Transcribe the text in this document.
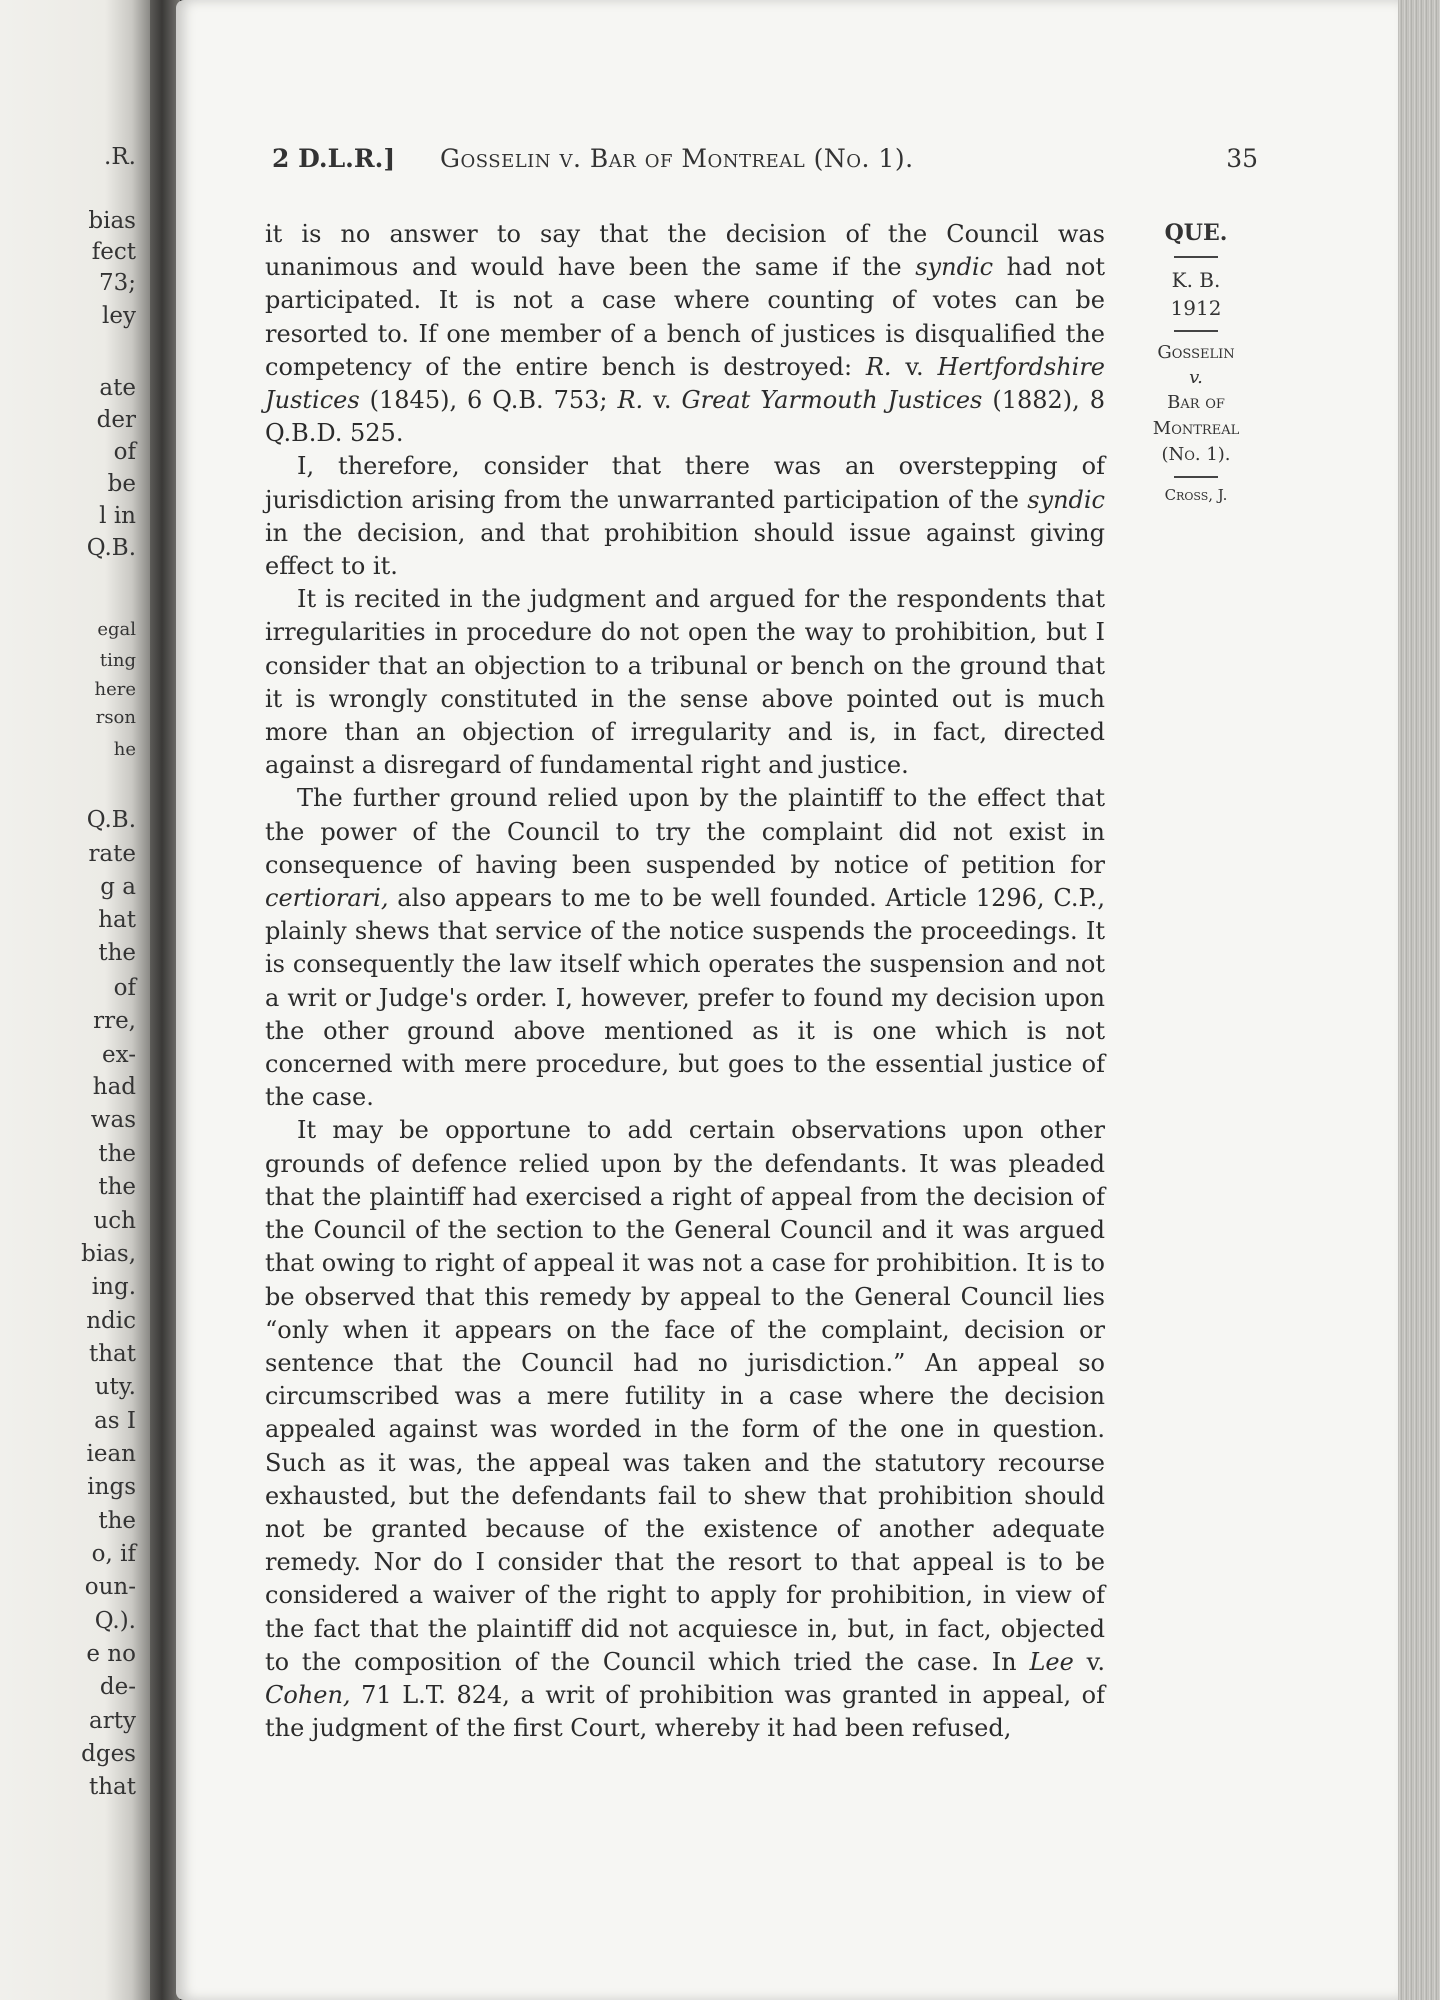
.R.
bias
fect
73;
ley
ate
der
of
be
l in
Q.B.
egal
ting
here
rson
he
Q.B.
rate
g a
hat
the
of
rre,
ex-
had
was
the
the
uch
bias,
ing.
ndic
that
uty.
as I
iean
ings
the
o, if
oun-
Q.).
e no
de-
arty
dges
that
2 D.L.R.] Gosselin v. Bar of Montreal (No. 1).	35
QUE.
K. B.
1912
Gosselin
v.
Bar of
Montreal
(No. 1).
Cross, J.

it is no answer to say that the decision of the Council was unanimous and would have been the same if the syndic had not participated. It is not a case where counting of votes can be resorted to. If one member of a bench of justices is disqualified the competency of the entire bench is destroyed: R. v. Hertfordshire Justices (1845), 6 Q.B. 753; R. v. Great Yarmouth Justices (1882), 8 Q.B.D. 525.

I, therefore, consider that there was an overstepping of jurisdiction arising from the unwarranted participation of the syndic in the decision, and that prohibition should issue against giving effect to it.

It is recited in the judgment and argued for the respondents that irregularities in procedure do not open the way to prohibition, but I consider that an objection to a tribunal or bench on the ground that it is wrongly constituted in the sense above pointed out is much more than an objection of irregularity and is, in fact, directed against a disregard of fundamental right and justice.

The further ground relied upon by the plaintiff to the effect that the power of the Council to try the complaint did not exist in consequence of having been suspended by notice of petition for certiorari, also appears to me to be well founded. Article 1296, C.P., plainly shews that service of the notice suspends the proceedings. It is consequently the law itself which operates the suspension and not a writ or Judge's order. I, however, prefer to found my decision upon the other ground above mentioned as it is one which is not concerned with mere procedure, but goes to the essential justice of the case.

It may be opportune to add certain observations upon other grounds of defence relied upon by the defendants. It was pleaded that the plaintiff had exercised a right of appeal from the decision of the Council of the section to the General Council and it was argued that owing to right of appeal it was not a case for prohibition. It is to be observed that this remedy by appeal to the General Council lies “only when it appears on the face of the complaint, decision or sentence that the Council had no jurisdiction.” An appeal so circumscribed was a mere futility in a case where the decision appealed against was worded in the form of the one in question. Such as it was, the appeal was taken and the statutory recourse exhausted, but the defendants fail to shew that prohibition should not be granted because of the existence of another adequate remedy. Nor do I consider that the resort to that appeal is to be considered a waiver of the right to apply for prohibition, in view of the fact that the plaintiff did not acquiesce in, but, in fact, objected to the composition of the Council which tried the case. In Lee v. Cohen, 71 L.T. 824, a writ of prohibition was granted in appeal, of the judgment of the first Court, whereby it had been refused,
